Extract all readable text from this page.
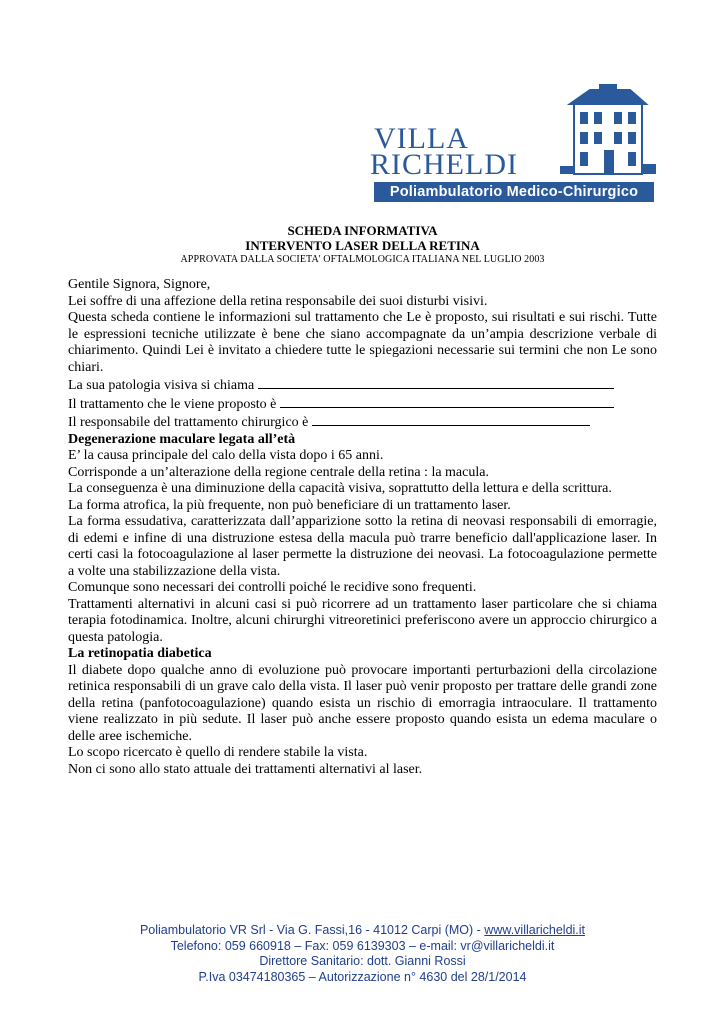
VILLA
RICHELDI
Poliambulatorio Medico-Chirurgico
SCHEDA INFORMATIVA
INTERVENTO LASER DELLA RETINA
APPROVATA DALLA SOCIETA' OFTALMOLOGICA ITALIANA NEL LUGLIO 2003

Gentile Signora, Signore,

Lei soffre di una affezione della retina responsabile dei suoi disturbi visivi.

Questa scheda contiene le informazioni sul trattamento che Le è proposto, sui risultati e sui rischi. Tutte le espressioni tecniche utilizzate è bene che siano accompagnate da un’ampia descrizione verbale di chiarimento. Quindi Lei è invitato a chiedere tutte le spiegazioni necessarie sui termini che non Le sono chiari.

La sua patologia visiva si chiama

Il trattamento che le viene proposto è

Il responsabile del trattamento chirurgico è

Degenerazione maculare legata all’età

E’ la causa principale del calo della vista dopo i 65 anni.

Corrisponde a un’alterazione della regione centrale della retina : la macula.

La conseguenza è una diminuzione della capacità visiva, soprattutto della lettura e della scrittura.

La forma atrofica, la più frequente, non può beneficiare di un trattamento laser.

La forma essudativa, caratterizzata dall’apparizione sotto la retina di neovasi responsabili di emorragie, di edemi e infine di una distruzione estesa della macula può trarre beneficio dall'applicazione laser. In certi casi la fotocoagulazione al laser permette la distruzione dei neovasi. La fotocoagulazione permette a volte una stabilizzazione della vista.

Comunque sono necessari dei controlli poiché le recidive sono frequenti.

Trattamenti alternativi in alcuni casi si può ricorrere ad un trattamento laser particolare che si chiama terapia fotodinamica. Inoltre, alcuni chirurghi vitreoretinici preferiscono avere un approccio chirurgico a questa patologia.

La retinopatia diabetica

Il diabete dopo qualche anno di evoluzione può provocare importanti perturbazioni della circolazione retinica responsabili di un grave calo della vista. Il laser può venir proposto per trattare delle grandi zone della retina (panfotocoagulazione) quando esista un rischio di emorragia intraoculare. Il trattamento viene realizzato in più sedute. Il laser può anche essere proposto quando esista un edema maculare o delle aree ischemiche.

Lo scopo ricercato è quello di rendere stabile la vista.

Non ci sono allo stato attuale dei trattamenti alternativi al laser.

Poliambulatorio VR Srl - Via G. Fassi,16 - 41012 Carpi (MO) - www.villaricheldi.it
Telefono: 059 660918 – Fax: 059 6139303 – e-mail: vr@villaricheldi.it
Direttore Sanitario: dott. Gianni Rossi
P.Iva 03474180365 – Autorizzazione n° 4630 del 28/1/2014
